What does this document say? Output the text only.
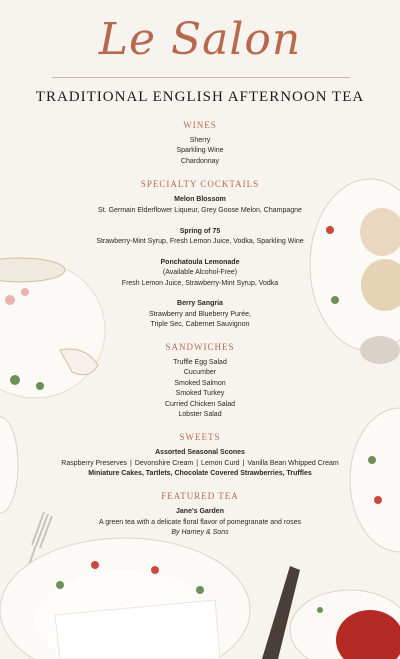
Le Salon
TRADITIONAL ENGLISH AFTERNOON TEA
WINES
Sherry
Sparkling Wine
Chardonnay
SPECIALTY COCKTAILS
Melon Blossom
St. Germain Elderflower Liqueur, Grey Goose Melon, Champagne
Spring of 75
Strawberry-Mint Syrup, Fresh Lemon Juice, Vodka, Sparkling Wine
Ponchatoula Lemonade
(Available Alcohol-Free)
Fresh Lemon Juice, Strawberry-Mint Syrup, Vodka
Berry Sangria
Strawberry and Blueberry Purée,
Triple Sec, Cabernet Sauvignon
SANDWICHES
Truffle Egg Salad
Cucumber
Smoked Salmon
Smoked Turkey
Curried Chicken Salad
Lobster Salad
SWEETS
Assorted Seasonal Scones
Raspberry Preserves | Devonshire Cream | Lemon Curd | Vanilla Bean Whipped Cream
Miniature Cakes, Tartlets, Chocolate Covered Strawberries, Truffles
FEATURED TEA
Jane's Garden
A green tea with a delicate floral flavor of pomegranate and roses
By Harney & Sons
